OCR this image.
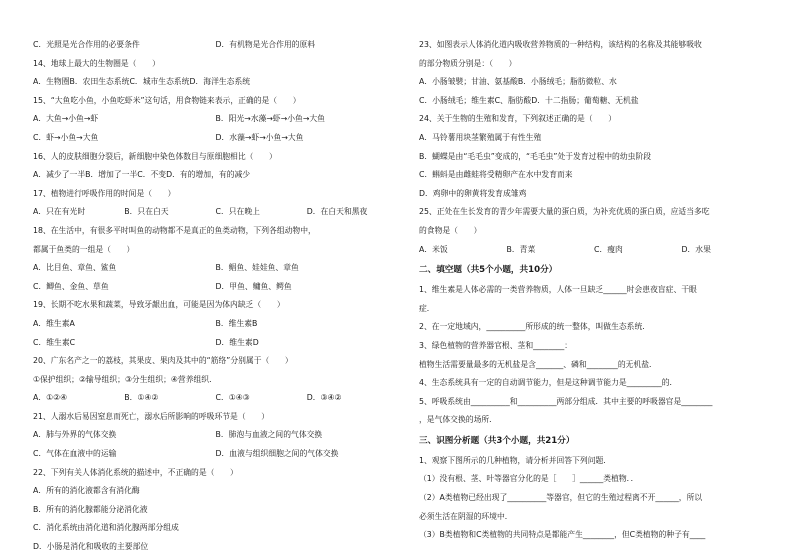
C．光照是光合作用的必要条件	D．有机物是光合作用的原料
14、地球上最大的生物圈是（　　）
A．生物圈B．农田生态系统C．城市生态系统D．海洋生态系统
15、“大鱼吃小鱼，小鱼吃虾米”这句话，用食物链来表示，正确的是（　　）
A．大鱼→小鱼→虾	B．阳光→水藻→虾→小鱼→大鱼
C．虾→小鱼→大鱼	D．水藻→虾→小鱼→大鱼
16、人的皮肤细胞分裂后，新细胞中染色体数目与原细胞相比（　　）
A．减少了一半B．增加了一半C．不变D．有的增加，有的减少
17、植物进行呼吸作用的时间是（　　）
A．只在有光时	B．只在白天	C．只在晚上	D．在白天和黑夜
18、在生活中，有很多平时叫鱼的动物都不是真正的鱼类动物，下列各组动物中，
都属于鱼类的一组是（　　）
A．比目鱼、章鱼、鲨鱼	B．鲳鱼、娃娃鱼、章鱼
C．鲫鱼、金鱼、草鱼	D．甲鱼、鳙鱼、鳄鱼
19、长期不吃水果和蔬菜，导致牙龈出血，可能是因为体内缺乏（　　）
A．维生素A	B．维生素B
C．维生素C	D．维生素D
20、广东名产之一的荔枝，其果皮、果肉及其中的“筋络”分别属于（　　）
①保护组织；②输导组织；③分生组织；④营养组织．
A．①②④	B．①④②	C．①④③	D．③④②
21、人溺水后易因窒息而死亡，溺水后所影响的呼吸环节是（　　）
A．肺与外界的气体交换	B．肺泡与血液之间的气体交换
C．气体在血液中的运输	D．血液与组织细胞之间的气体交换
22、下列有关人体消化系统的描述中，不正确的是（　　）
A．所有的消化液都含有消化酶
B．所有的消化腺都能分泌消化液
C．消化系统由消化道和消化腺两部分组成
D．小肠是消化和吸收的主要部位
23、如图表示人体消化道内吸收营养物质的一种结构，该结构的名称及其能够吸收
的部分物质分别是：（　　）
A．小肠皱襞；甘油、氨基酸B．小肠绒毛；脂肪微粒、水
C．小肠绒毛；维生素C、脂肪酸D．十二指肠；葡萄糖、无机盐
24、关于生物的生殖和发育，下列叙述正确的是（　　）
A．马铃薯用块茎繁殖属于有性生殖
B．蝴蝶是由“毛毛虫”变成的，“毛毛虫”处于发育过程中的幼虫阶段
C．蝌蚪是由雌蛙将受精卵产在水中发育而来
D．鸡卵中的卵黄将发育成雏鸡
25、正处在生长发育的青少年需要大量的蛋白质，为补充优质的蛋白质，应适当多吃
的食物是（　　）
A．米饭	B．青菜	C．瘦肉	D．水果
二、填空题（共5个小题，共10分）
1、维生素是人体必需的一类营养物质，人体一旦缺乏______时会患夜盲症、干眼
症．
2、在一定地域内，__________所形成的统一整体，叫做生态系统．
3、绿色植物的营养器官根、茎和________：
植物生活需要量最多的无机盐是含_______、磷和________的无机盐．
4、生态系统具有一定的自动调节能力，但是这种调节能力是_________的．
5、呼吸系统由__________和__________两部分组成．其中主要的呼吸器官是________
，是气体交换的场所．
三、识图分析题（共3个小题，共21分）
1、观察下图所示的几种植物，请分析并回答下列问题．
（1）没有根、茎、叶等器官分化的是［　　］______类植物．．
（2）A类植物已经出现了__________等器官，但它的生殖过程离不开______，所以
必须生活在阴湿的环境中．
（3）B类植物和C类植物的共同特点是都能产生________，但C类植物的种子有____
